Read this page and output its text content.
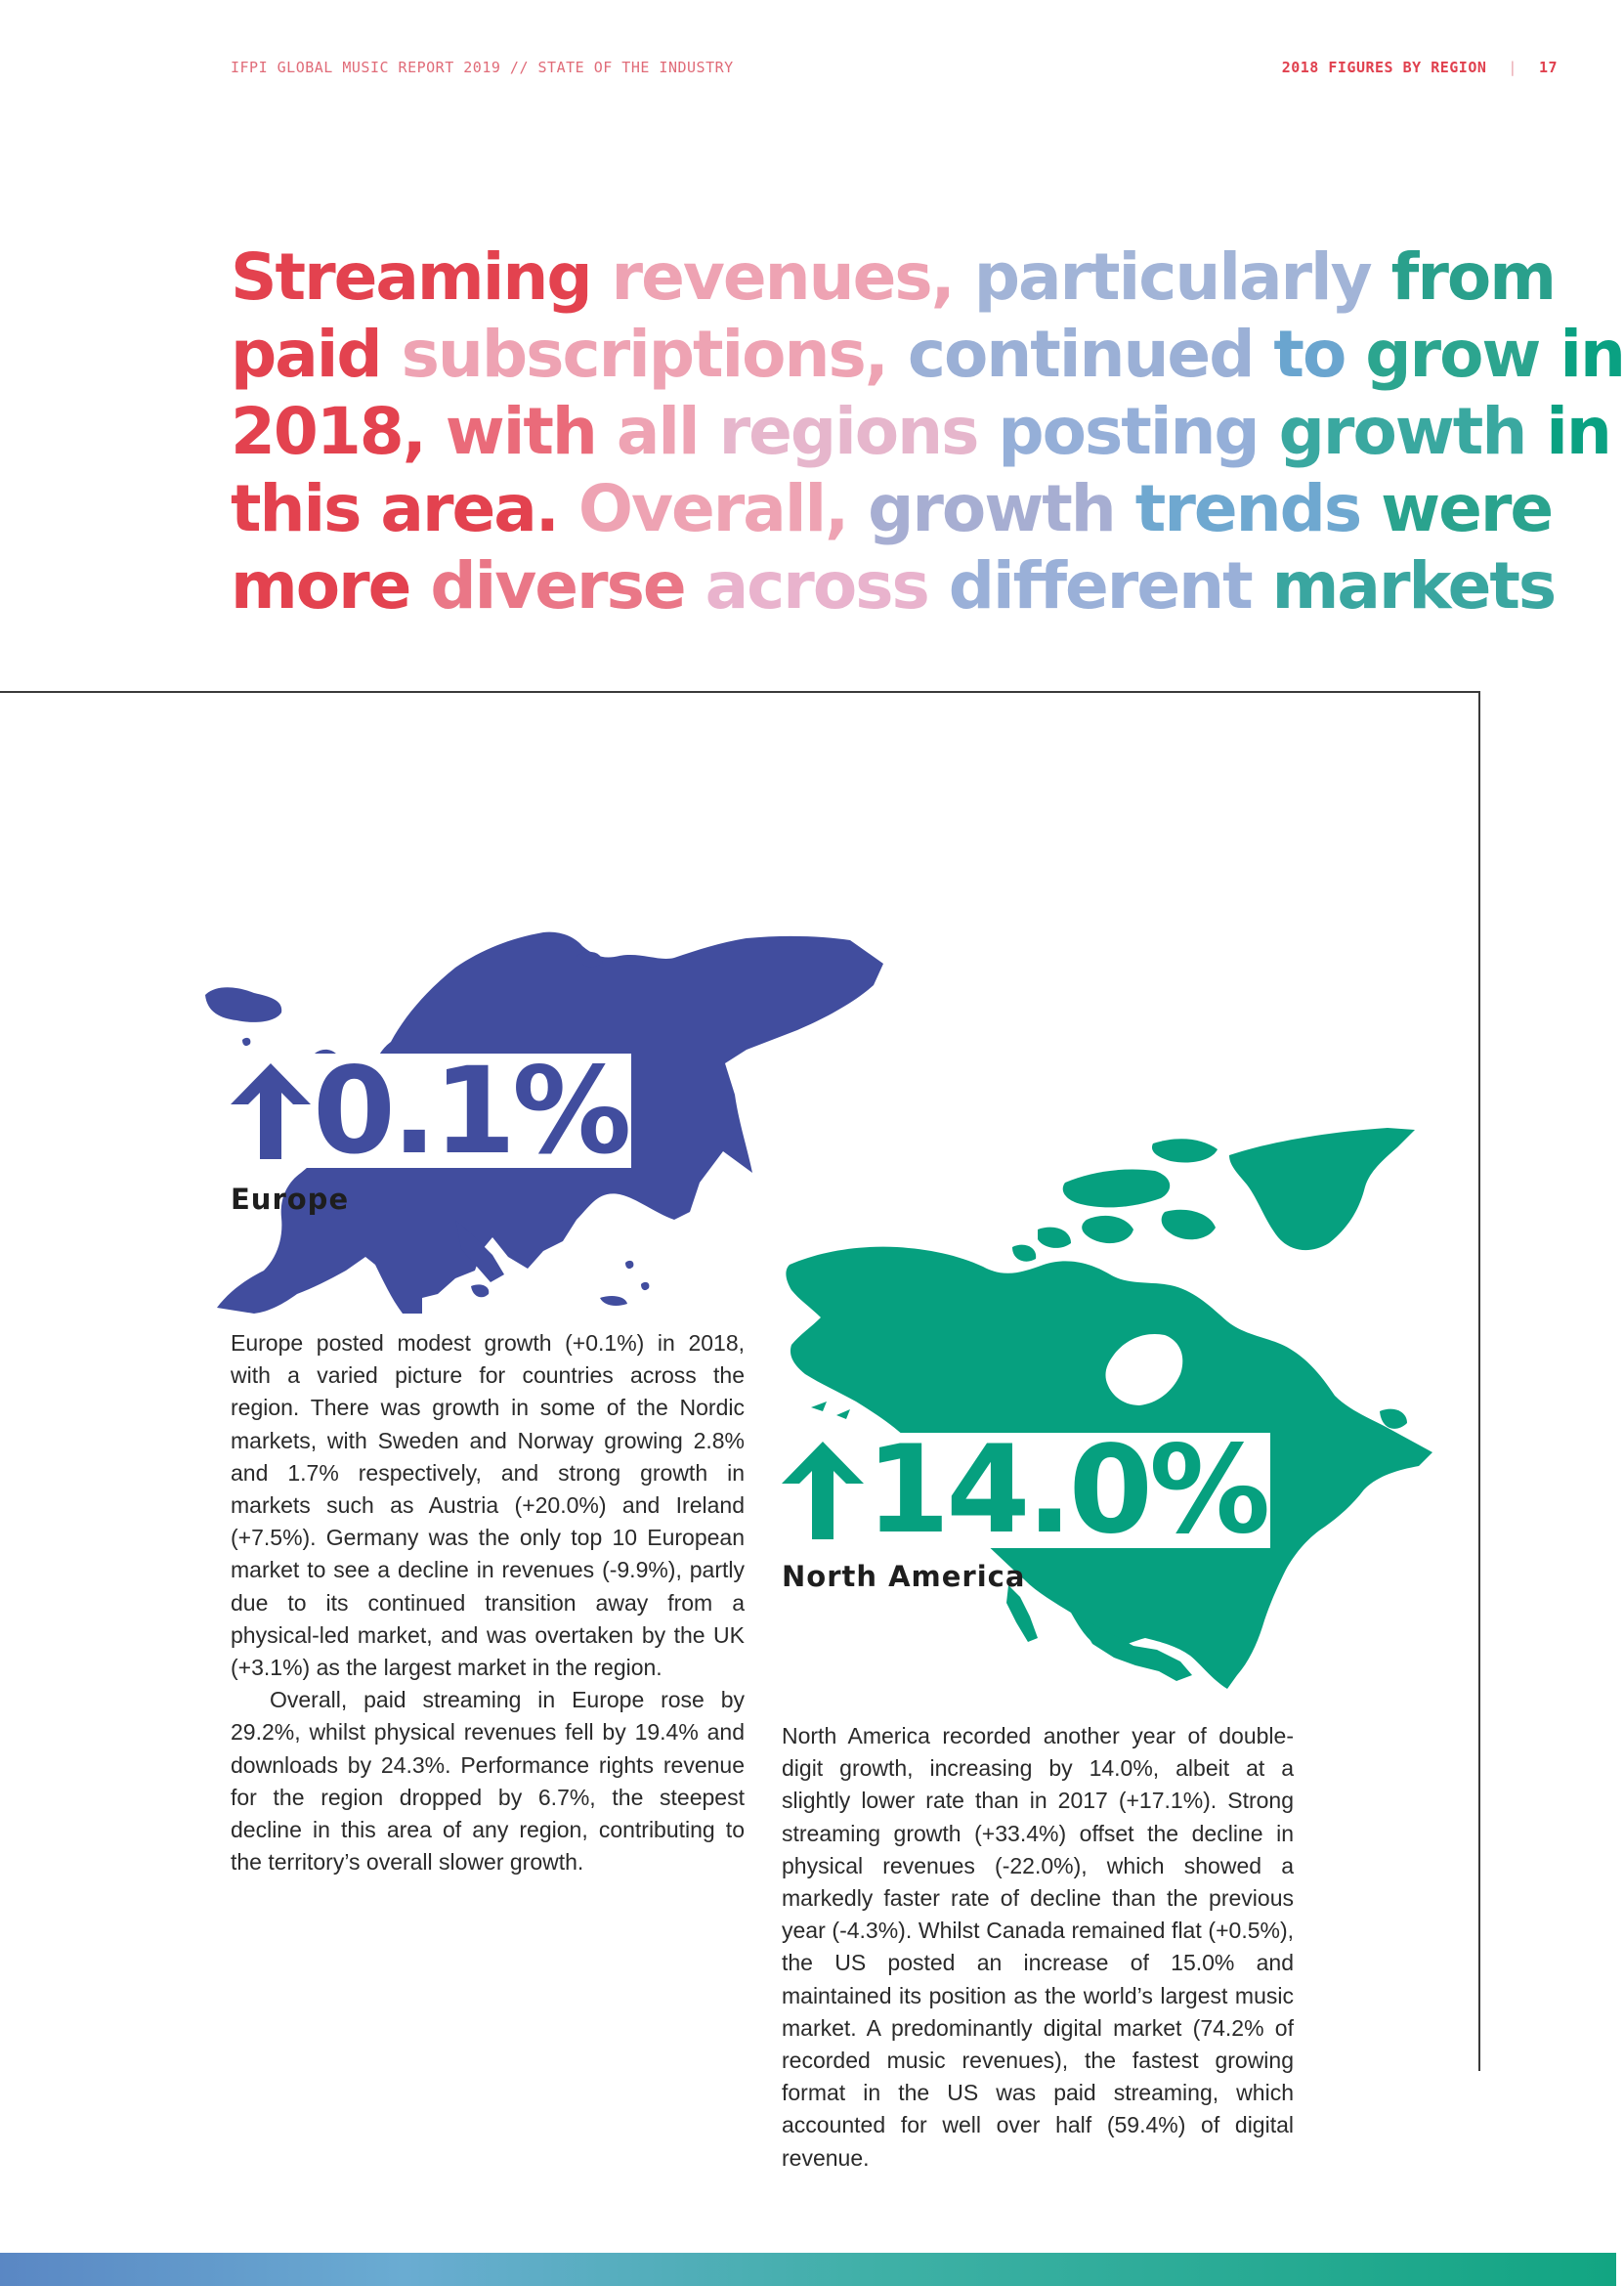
IFPI GLOBAL MUSIC REPORT 2019 // STATE OF THE INDUSTRY	2018 FIGURES BY REGION | 17
Streaming revenues, particularly from
paid subscriptions, continued to grow in
2018, with all regions posting growth in
this area. Overall, growth trends were
more diverse across different markets
0.1%
Europe

Europe posted modest growth (+0.1%) in 2018, with a varied picture for countries across the region. There was growth in some of the Nordic markets, with Sweden and Norway growing 2.8% and 1.7% respectively, and strong growth in markets such as Austria (+20.0%) and Ireland (+7.5%). Germany was the only top 10 European market to see a decline in revenues (-9.9%), partly due to its continued transition away from a physical-led market, and was overtaken by the UK (+3.1%) as the largest market in the region.

Overall, paid streaming in Europe rose by 29.2%, whilst physical revenues fell by 19.4% and downloads by 24.3%. Performance rights revenue for the region dropped by 6.7%, the steepest decline in this area of any region, contributing to the territory’s overall slower growth.

14.0%
North America

North America recorded another year of double-digit growth, increasing by 14.0%, albeit at a slightly lower rate than in 2017 (+17.1%). Strong streaming growth (+33.4%) offset the decline in physical revenues (-22.0%), which showed a markedly faster rate of decline than the previous year (-4.3%). Whilst Canada remained flat (+0.5%), the US posted an increase of 15.0% and maintained its position as the world’s largest music market. A predominantly digital market (74.2% of recorded music revenues), the fastest growing format in the US was paid streaming, which accounted for well over half (59.4%) of digital revenue.
